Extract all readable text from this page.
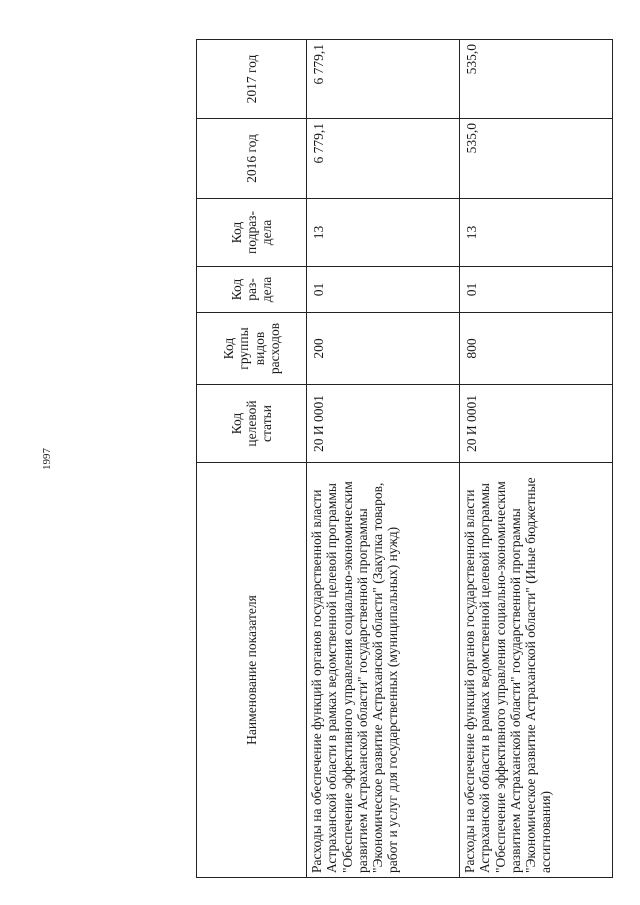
1997
Наименование показателя	Код целевой статьи	Код группы видов расходов	Код раз-дела	Код подраз-дела	2016 год	2017 год
Расходы на обеспечение функций органов государственной власти Астраханской области в рамках ведомственной целевой программы "Обеспечение эффективного управления социально-экономическим развитием Астраханской области" государственной программы "Экономическое развитие Астраханской области" (Закупка товаров, работ и услуг для государственных (муниципальных) нужд)	20 И 0001	200	01	13	6 779,1	6 779,1
Расходы на обеспечение функций органов государственной власти Астраханской области в рамках ведомственной целевой программы "Обеспечение эффективного управления социально-экономическим развитием Астраханской области" государственной программы "Экономическое развитие Астраханской области" (Иные бюджетные ассигнования)	20 И 0001	800	01	13	535,0	535,0
